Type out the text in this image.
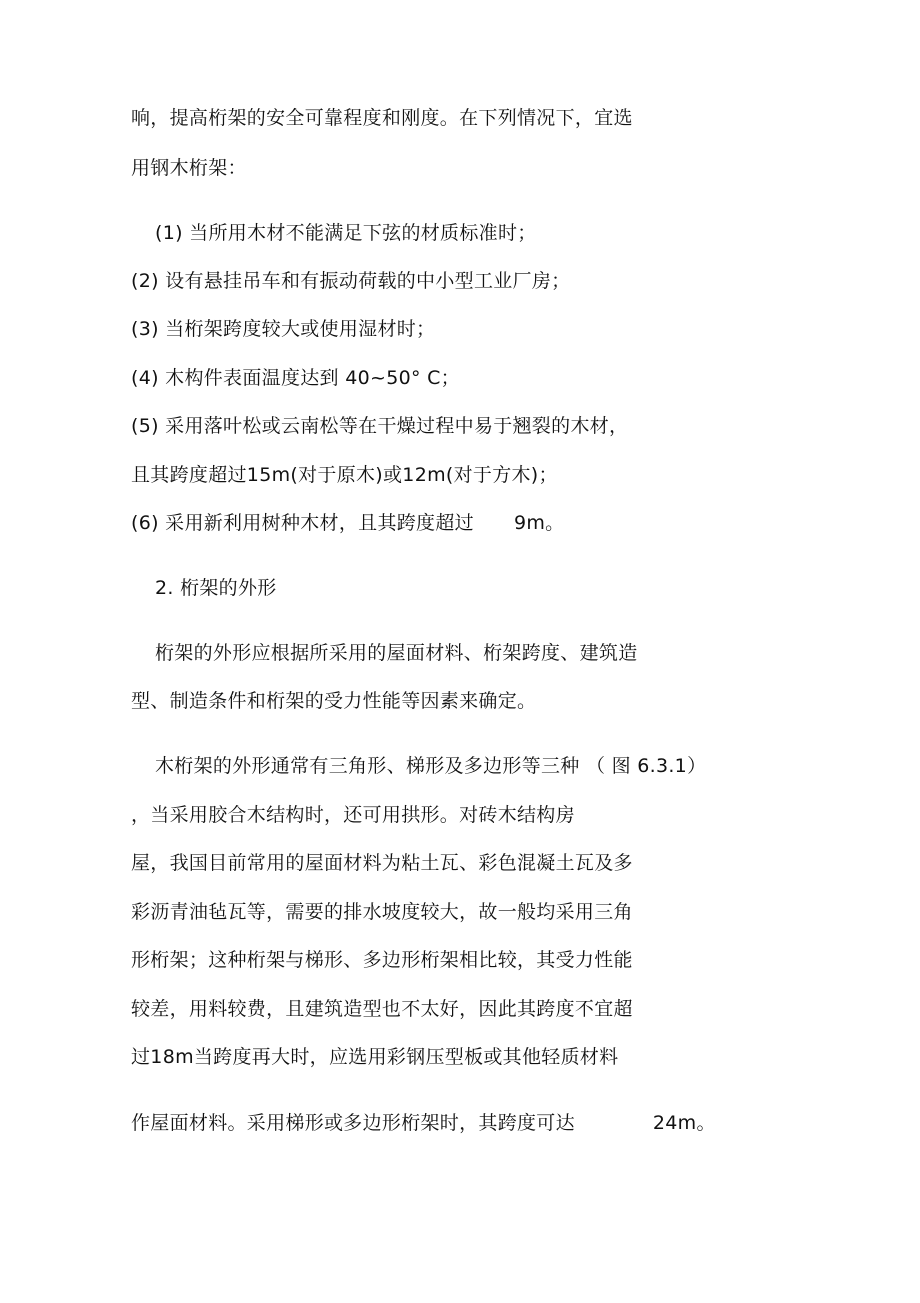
响，提高桁架的安全可靠程度和刚度。在下列情况下，宜选
用钢木桁架：
(1) 当所用木材不能满足下弦的材质标准时；
(2) 设有悬挂吊车和有振动荷载的中小型工业厂房；
(3) 当桁架跨度较大或使用湿材时；
(4) 木构件表面温度达到 40~50° C；
(5) 采用落叶松或云南松等在干燥过程中易于翘裂的木材，
且其跨度超过15m(对于原木)或12m(对于方木)；
(6) 采用新利用树种木材，且其跨度超过 9m。
2. 桁架的外形
桁架的外形应根据所采用的屋面材料、桁架跨度、建筑造
型、制造条件和桁架的受力性能等因素来确定。
木桁架的外形通常有三角形、梯形及多边形等三种 （ 图 6.3.1）
，当采用胶合木结构时，还可用拱形。对砖木结构房
屋，我国目前常用的屋面材料为粘土瓦、彩色混凝土瓦及多
彩沥青油毡瓦等，需要的排水坡度较大，故一般均采用三角
形桁架；这种桁架与梯形、多边形桁架相比较，其受力性能
较差，用料较费，且建筑造型也不太好，因此其跨度不宜超
过18m当跨度再大时，应选用彩钢压型板或其他轻质材料
作屋面材料。采用梯形或多边形桁架时，其跨度可达	24m。
